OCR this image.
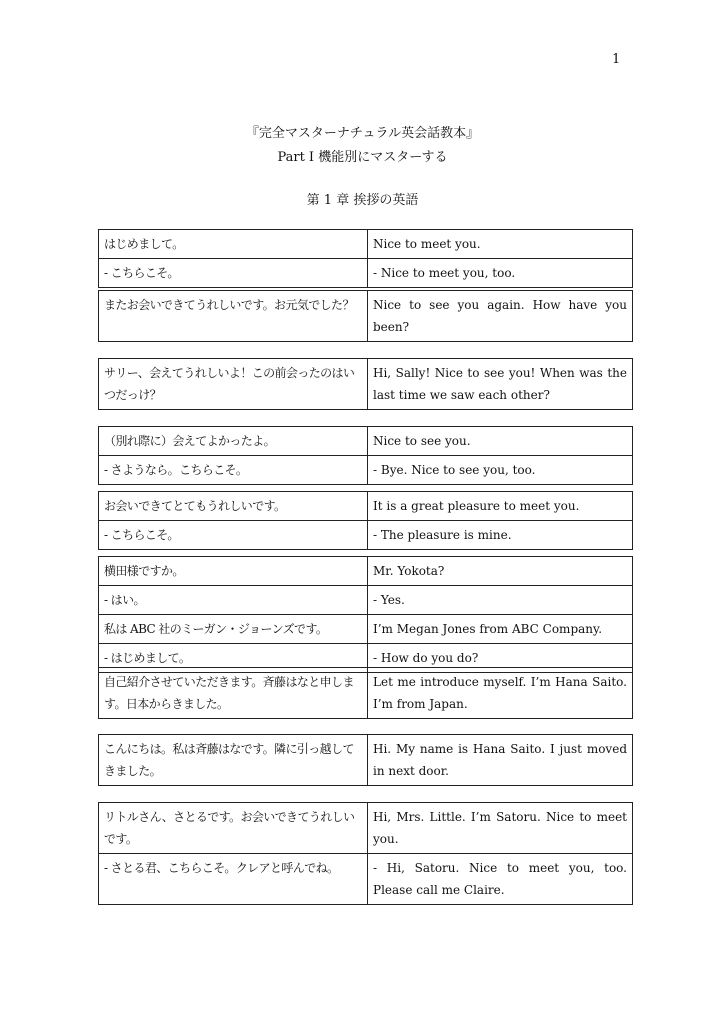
1
『完全マスターナチュラル英会話教本』
Part I 機能別にマスターする
第 1 章 挨拶の英語
はじめまして。	Nice to meet you.
- こちらこそ。	- Nice to meet you, too.
またお会いできてうれしいです。お元気でした？	Nice to see you again. How have you been?
サリー、会えてうれしいよ！この前会ったのはいつだっけ？	Hi, Sally! Nice to see you! When was the last time we saw each other?
（別れ際に）会えてよかったよ。	Nice to see you.
- さようなら。こちらこそ。	- Bye. Nice to see you, too.
お会いできてとてもうれしいです。	It is a great pleasure to meet you.
- こちらこそ。	- The pleasure is mine.
横田様ですか。	Mr. Yokota?
- はい。	- Yes.
私は ABC 社のミーガン・ジョーンズです。	I’m Megan Jones from ABC Company.
- はじめまして。	- How do you do?
自己紹介させていただきます。斉藤はなと申します。日本からきました。	Let me introduce myself. I’m Hana Saito. I’m from Japan.
こんにちは。私は斉藤はなです。隣に引っ越してきました。	Hi. My name is Hana Saito. I just moved in next door.
リトルさん、さとるです。お会いできてうれしいです。	Hi, Mrs. Little. I’m Satoru. Nice to meet you.
- さとる君、こちらこそ。クレアと呼んでね。	- Hi, Satoru. Nice to meet you, too. Please call me Claire.
